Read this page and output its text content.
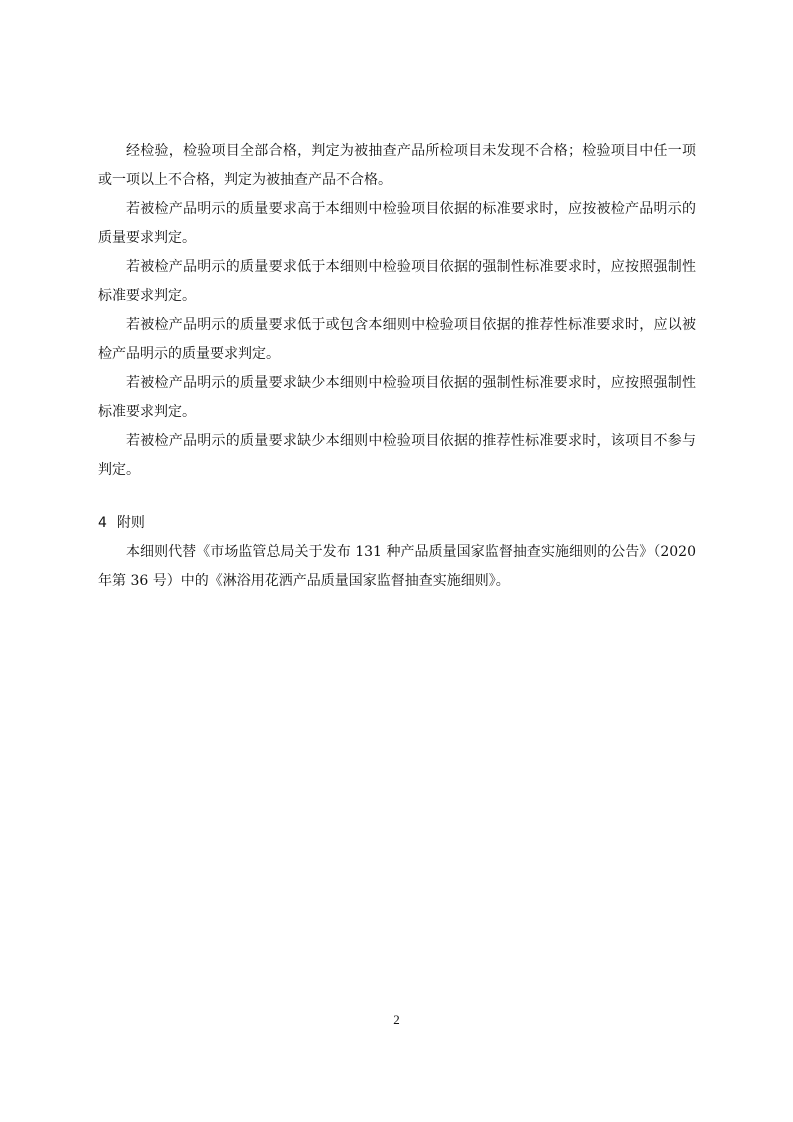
经检验，检验项目全部合格，判定为被抽查产品所检项目未发现不合格；检验项目中任一项或一项以上不合格，判定为被抽查产品不合格。

若被检产品明示的质量要求高于本细则中检验项目依据的标准要求时，应按被检产品明示的质量要求判定。

若被检产品明示的质量要求低于本细则中检验项目依据的强制性标准要求时，应按照强制性标准要求判定。

若被检产品明示的质量要求低于或包含本细则中检验项目依据的推荐性标准要求时，应以被检产品明示的质量要求判定。

若被检产品明示的质量要求缺少本细则中检验项目依据的强制性标准要求时，应按照强制性标准要求判定。

若被检产品明示的质量要求缺少本细则中检验项目依据的推荐性标准要求时，该项目不参与判定。

4 附则

本细则代替《市场监管总局关于发布 131 种产品质量国家监督抽查实施细则的公告》（2020 年第 36 号）中的《淋浴用花洒产品质量国家监督抽查实施细则》。

2
